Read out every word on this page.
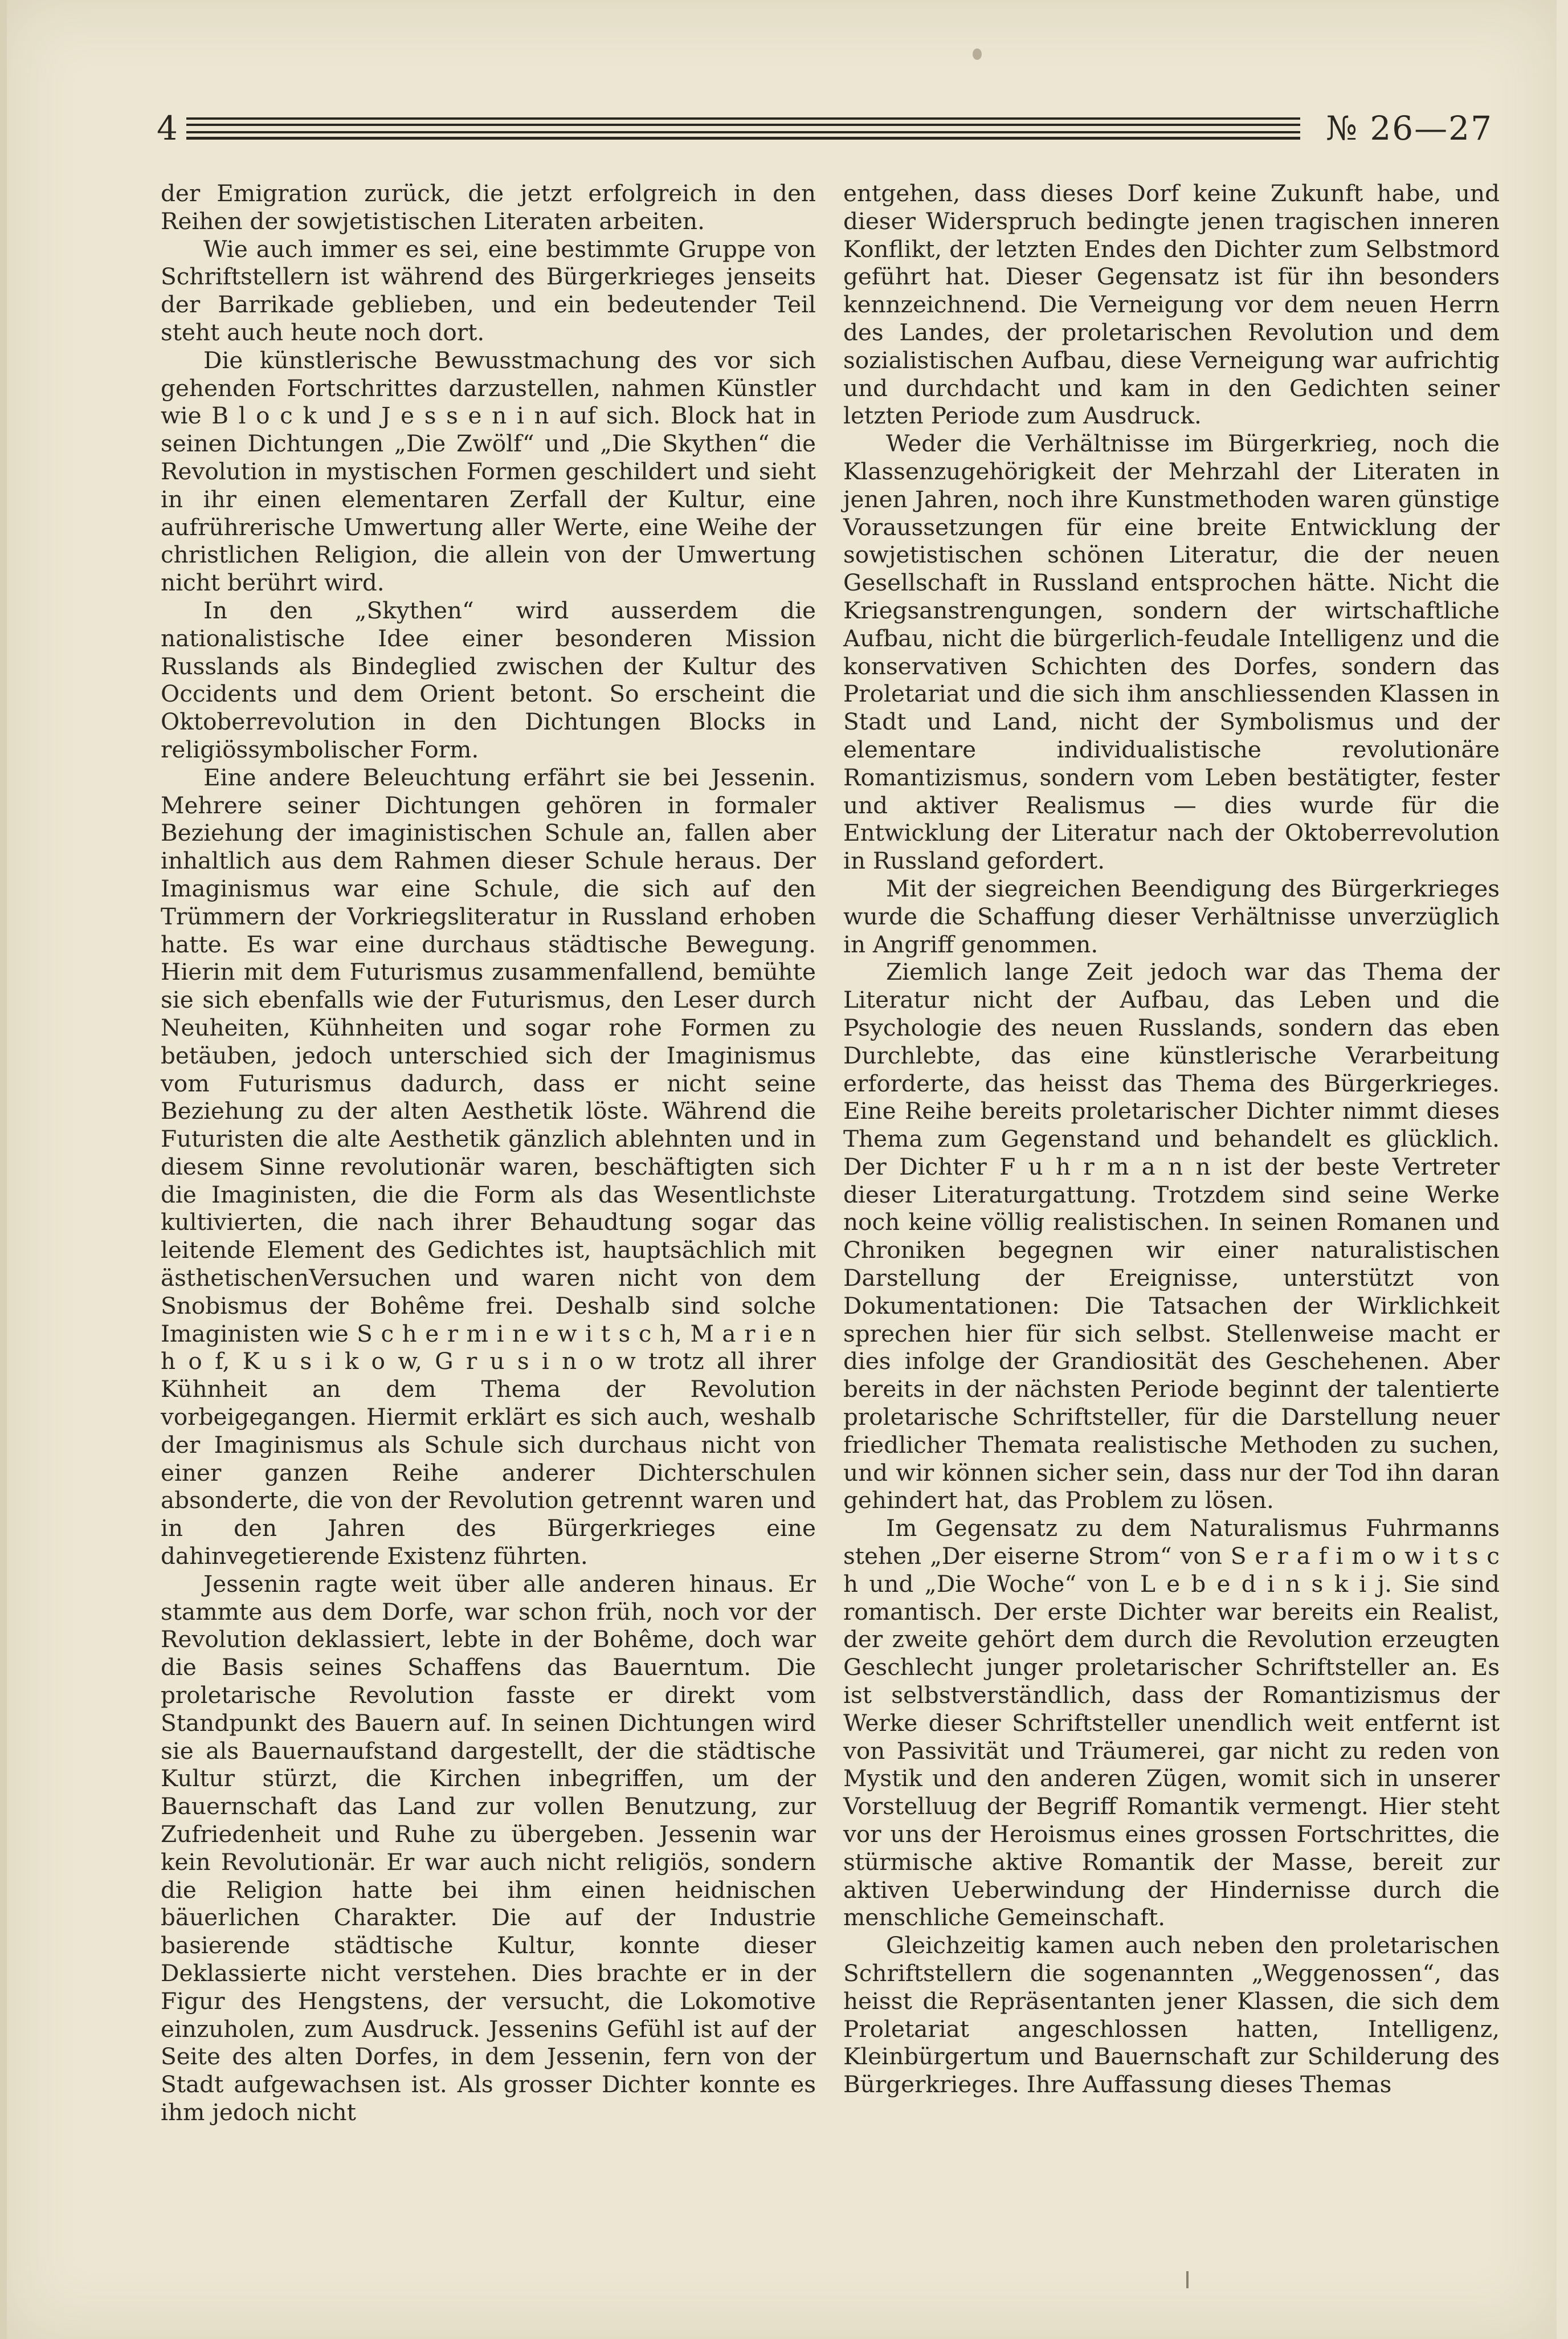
4	№ 26—27

der Emigration zurück, die jetzt erfolgreich in den Reihen der sowjetistischen Literaten arbeiten.

Wie auch immer es sei, eine bestimmte Gruppe von Schriftstellern ist während des Bürgerkrieges jenseits der Barrikade geblieben, und ein bedeutender Teil steht auch heute noch dort.

Die künstlerische Bewusstmachung des vor sich gehenden Fortschrittes darzustellen, nahmen Künstler wie B l o c k und J e s s e n i n auf sich. Block hat in seinen Dichtungen „Die Zwölf“ und „Die Skythen“ die Revolution in mystischen Formen geschildert und sieht in ihr einen elementaren Zerfall der Kultur, eine aufrührerische Umwertung aller Werte, eine Weihe der christlichen Religion, die allein von der Umwertung nicht berührt wird.

In den „Skythen“ wird ausserdem die nationalistische Idee einer besonderen Mission Russlands als Bindeglied zwischen der Kultur des Occidents und dem Orient betont. So erscheint die Oktoberrevolution in den Dichtungen Blocks in religiössymbolischer Form.

Eine andere Beleuchtung erfährt sie bei Jessenin. Mehrere seiner Dichtungen gehören in formaler Beziehung der imaginistischen Schule an, fallen aber inhaltlich aus dem Rahmen dieser Schule heraus. Der Imaginismus war eine Schule, die sich auf den Trümmern der Vorkriegsliteratur in Russland erhoben hatte. Es war eine durchaus städtische Bewegung. Hierin mit dem Futurismus zusammenfallend, bemühte sie sich ebenfalls wie der Futurismus, den Leser durch Neuheiten, Kühnheiten und sogar rohe Formen zu betäuben, jedoch unterschied sich der Imaginismus vom Futurismus dadurch, dass er nicht seine Beziehung zu der alten Aesthetik löste. Während die Futuristen die alte Aesthetik gänzlich ablehnten und in diesem Sinne revolutionär waren, beschäftigten sich die Imaginisten, die die Form als das Wesentlichste kultivierten, die nach ihrer Behaudtung sogar das leitende Element des Gedichtes ist, hauptsächlich mit ästhetischenVersuchen und waren nicht von dem Snobismus der Bohême frei. Deshalb sind solche Imaginisten wie S c h e r m i n e w i t s c h, M a r i e n h o f, K u s i k o w, G r u s i n o w trotz all ihrer Kühnheit an dem Thema der Revolution vorbeigegangen. Hiermit erklärt es sich auch, weshalb der Imaginismus als Schule sich durchaus nicht von einer ganzen Reihe anderer Dichterschulen absonderte, die von der Revolution getrennt waren und in den Jahren des Bürgerkrieges eine dahinvegetierende Existenz führten.

Jessenin ragte weit über alle anderen hinaus. Er stammte aus dem Dorfe, war schon früh, noch vor der Revolution deklassiert, lebte in der Bohême, doch war die Basis seines Schaffens das Bauerntum. Die proletarische Revolution fasste er direkt vom Standpunkt des Bauern auf. In seinen Dichtungen wird sie als Bauernaufstand dargestellt, der die städtische Kultur stürzt, die Kirchen inbegriffen, um der Bauernschaft das Land zur vollen Benutzung, zur Zufriedenheit und Ruhe zu übergeben. Jessenin war kein Revolutionär. Er war auch nicht religiös, sondern die Religion hatte bei ihm einen heidnischen bäuerlichen Charakter. Die auf der Industrie basierende städtische Kultur, konnte dieser Deklassierte nicht verstehen. Dies brachte er in der Figur des Hengstens, der versucht, die Lokomotive einzuholen, zum Ausdruck. Jessenins Gefühl ist auf der Seite des alten Dorfes, in dem Jessenin, fern von der Stadt aufgewachsen ist. Als grosser Dichter konnte es ihm jedoch nicht

entgehen, dass dieses Dorf keine Zukunft habe, und dieser Widerspruch bedingte jenen tragischen inneren Konflikt, der letzten Endes den Dichter zum Selbstmord geführt hat. Dieser Gegensatz ist für ihn besonders kennzeichnend. Die Verneigung vor dem neuen Herrn des Landes, der proletarischen Revolution und dem sozialistischen Aufbau, diese Verneigung war aufrichtig und durchdacht und kam in den Gedichten seiner letzten Periode zum Ausdruck.

Weder die Verhältnisse im Bürgerkrieg, noch die Klassenzugehörigkeit der Mehrzahl der Literaten in jenen Jahren, noch ihre Kunstmethoden waren günstige Voraussetzungen für eine breite Entwicklung der sowjetistischen schönen Literatur, die der neuen Gesellschaft in Russland entsprochen hätte. Nicht die Kriegsanstrengungen, sondern der wirtschaftliche Aufbau, nicht die bürgerlich-feudale Intelligenz und die konservativen Schichten des Dorfes, sondern das Proletariat und die sich ihm anschliessenden Klassen in Stadt und Land, nicht der Symbolismus und der elementare individualistische revolutionäre Romantizismus, sondern vom Leben bestätigter, fester und aktiver Realismus — dies wurde für die Entwicklung der Literatur nach der Oktoberrevolution in Russland gefordert.

Mit der siegreichen Beendigung des Bürgerkrieges wurde die Schaffung dieser Verhältnisse unverzüglich in Angriff genommen.

Ziemlich lange Zeit jedoch war das Thema der Literatur nicht der Aufbau, das Leben und die Psychologie des neuen Russlands, sondern das eben Durchlebte, das eine künstlerische Verarbeitung erforderte, das heisst das Thema des Bürgerkrieges. Eine Reihe bereits proletarischer Dichter nimmt dieses Thema zum Gegenstand und behandelt es glücklich. Der Dichter F u h r m a n n ist der beste Vertreter dieser Literaturgattung. Trotzdem sind seine Werke noch keine völlig realistischen. In seinen Romanen und Chroniken begegnen wir einer naturalistischen Darstellung der Ereignisse, unterstützt von Dokumentationen: Die Tatsachen der Wirklichkeit sprechen hier für sich selbst. Stellenweise macht er dies infolge der Grandiosität des Geschehenen. Aber bereits in der nächsten Periode beginnt der talentierte proletarische Schriftsteller, für die Darstellung neuer friedlicher Themata realistische Methoden zu suchen, und wir können sicher sein, dass nur der Tod ihn daran gehindert hat, das Problem zu lösen.

Im Gegensatz zu dem Naturalismus Fuhrmanns stehen „Der eiserne Strom“ von S e r a f i m o w i t s c h und „Die Woche“ von L e b e d i n s k i j. Sie sind romantisch. Der erste Dichter war bereits ein Realist, der zweite gehört dem durch die Revolution erzeugten Geschlecht junger proletarischer Schriftsteller an. Es ist selbstverständlich, dass der Romantizismus der Werke dieser Schriftsteller unendlich weit entfernt ist von Passivität und Träumerei, gar nicht zu reden von Mystik und den anderen Zügen, womit sich in unserer Vorstelluug der Begriff Romantik vermengt. Hier steht vor uns der Heroismus eines grossen Fortschrittes, die stürmische aktive Romantik der Masse, bereit zur aktiven Ueberwindung der Hindernisse durch die menschliche Gemeinschaft.

Gleichzeitig kamen auch neben den proletarischen Schriftstellern die sogenannten „Weggenossen“, das heisst die Repräsentanten jener Klassen, die sich dem Proletariat angeschlossen hatten, Intelligenz, Kleinbürgertum und Bauernschaft zur Schilderung des Bürgerkrieges. Ihre Auffassung dieses Themas
